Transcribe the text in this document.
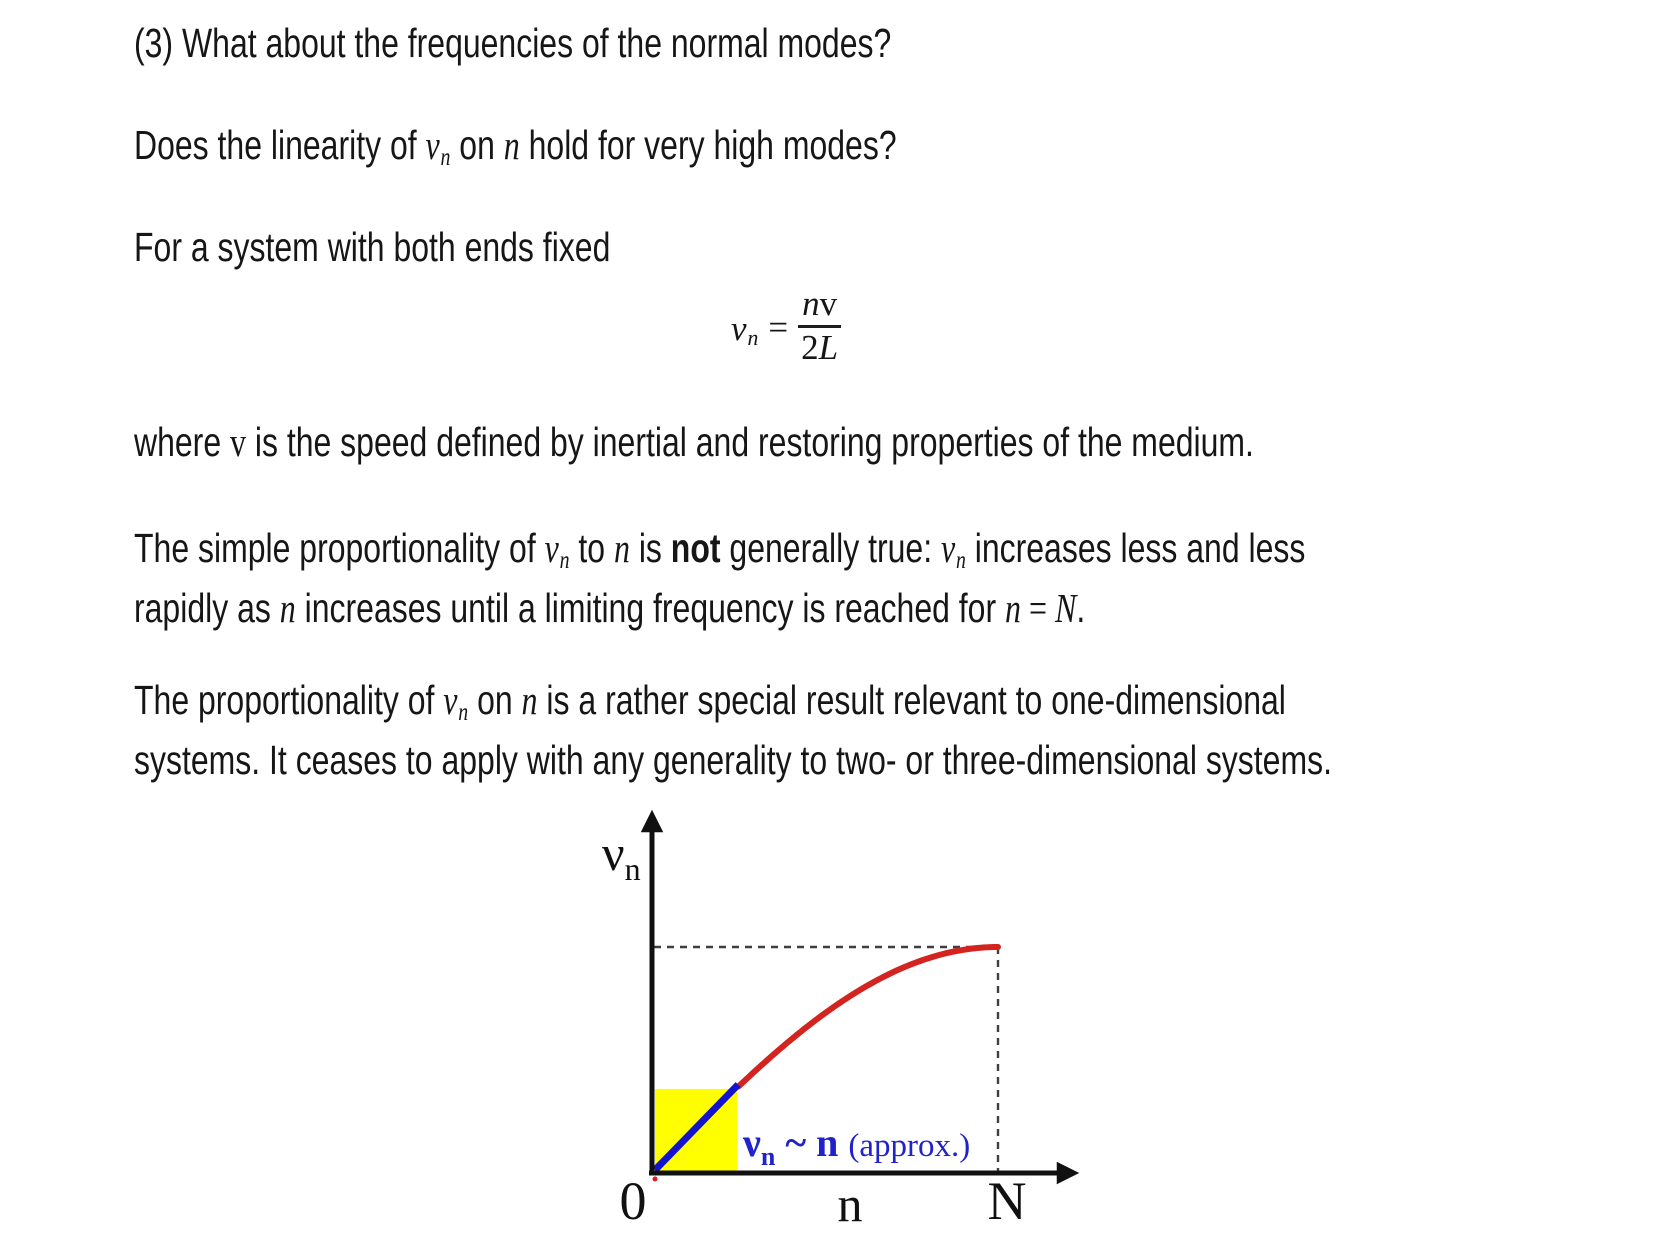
(3) What about the frequencies of the normal modes?
Does the linearity of νn on n hold for very high modes?
For a system with both ends fixed
where v is the speed defined by inertial and restoring properties of the medium.
The simple proportionality of νn to n is not generally true: νn increases less and less
rapidly as n increases until a limiting frequency is reached for n = N.
The proportionality of νn on n is a rather special result relevant to one-dimensional
systems. It ceases to apply with any generality to two- or three-dimensional systems.
$\nu n = \frac{nv}{2L}$
$\nu_n$
0	n N
$\nu_n$ ~ n (approx.)
